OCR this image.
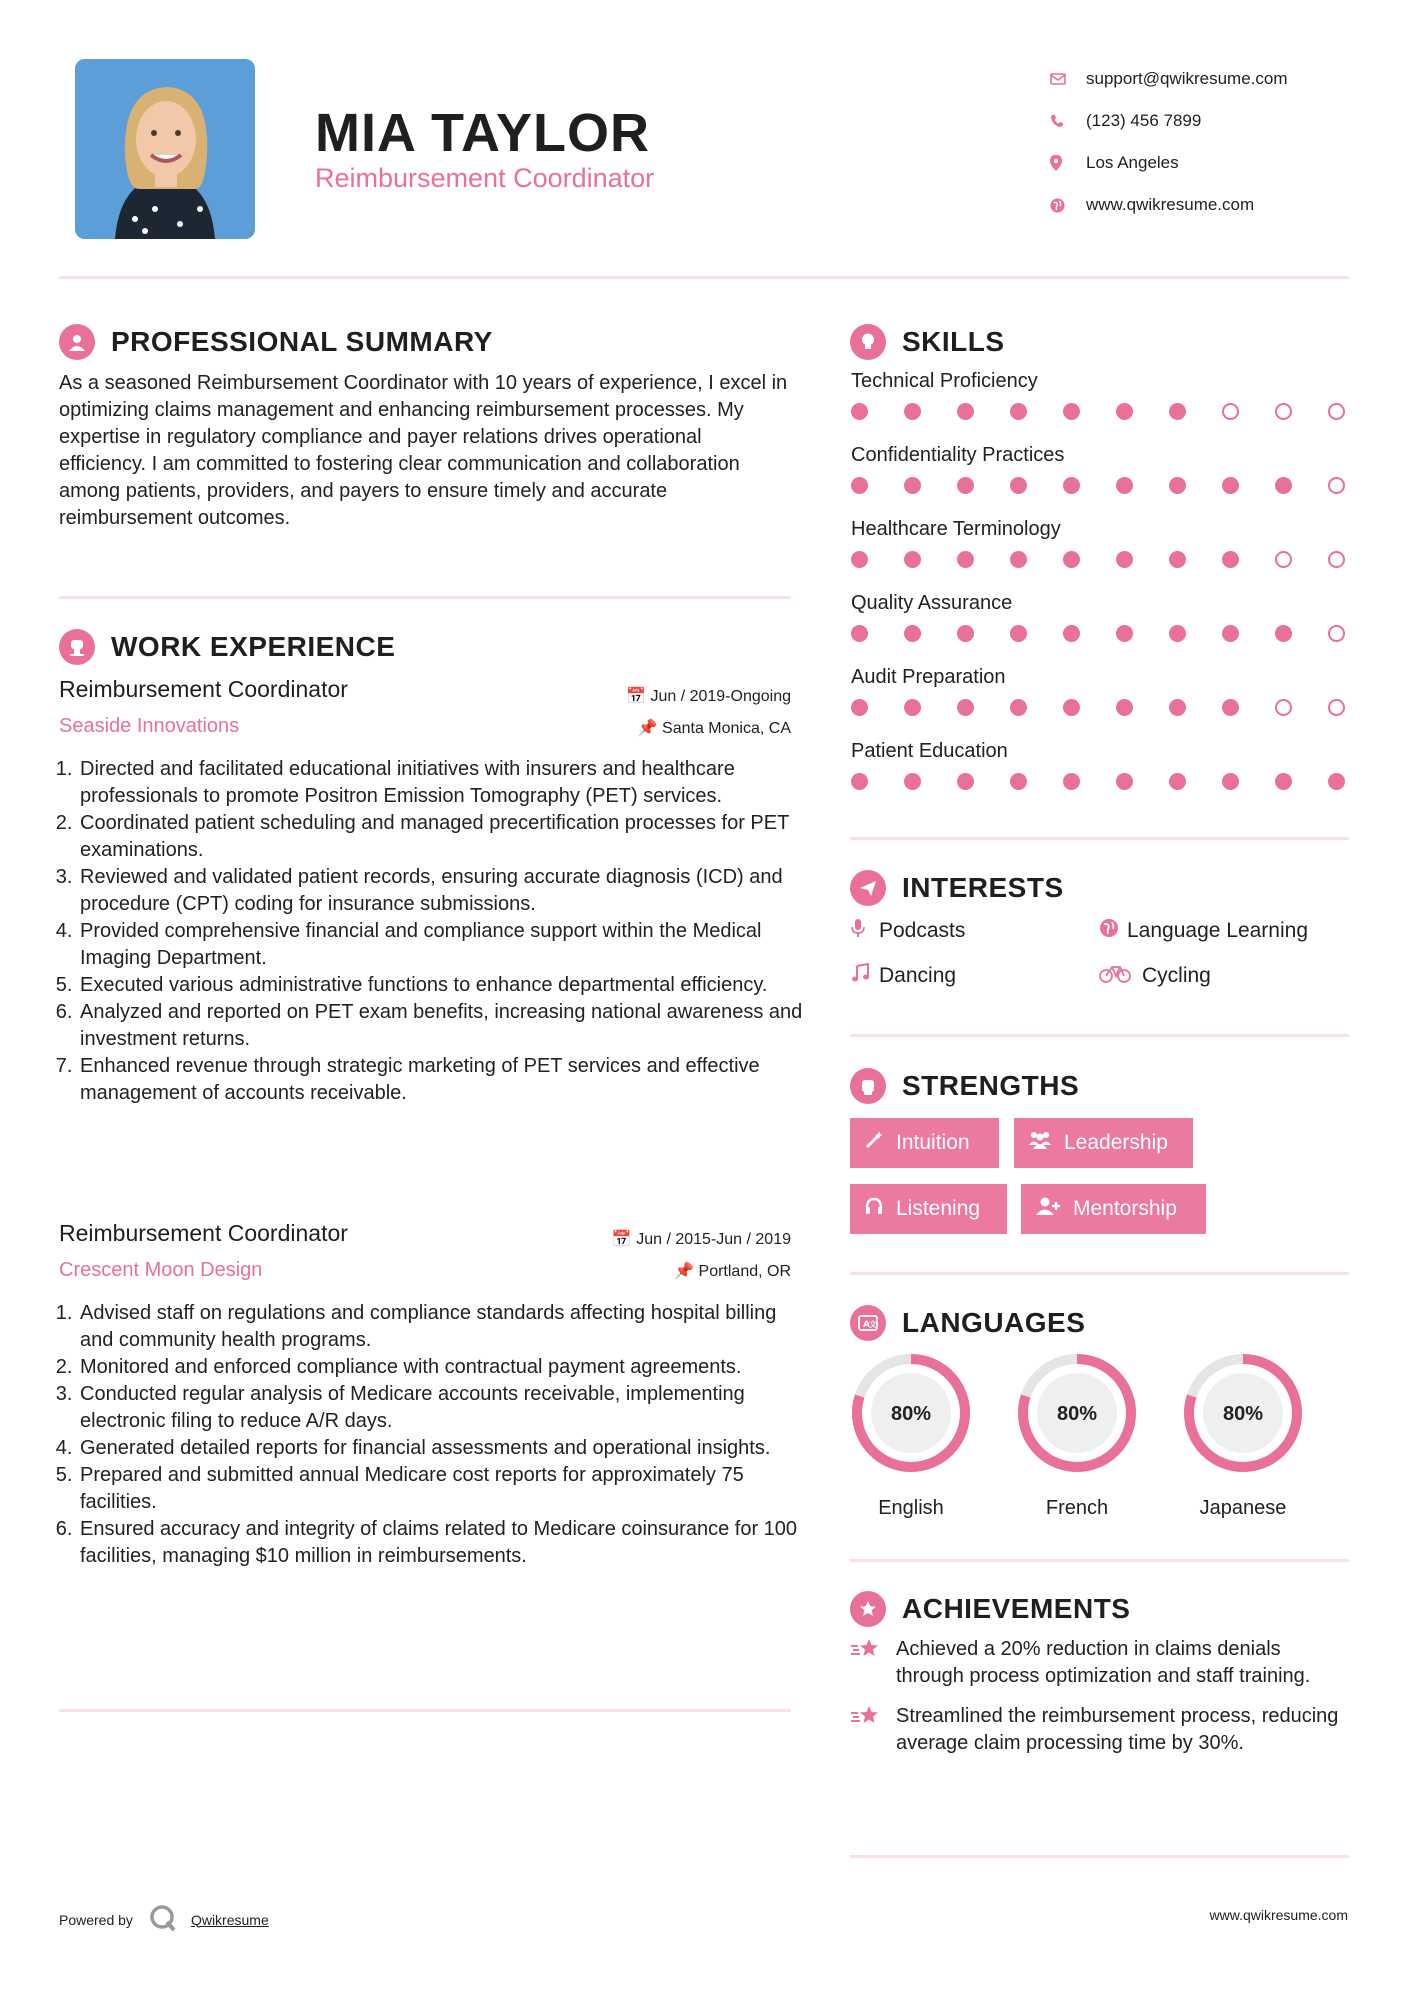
MIA TAYLOR
Reimbursement Coordinator
support@qwikresume.com
(123) 456 7899
Los Angeles
www.qwikresume.com
PROFESSIONAL SUMMARY
As a seasoned Reimbursement Coordinator with 10 years of experience, I excel in optimizing claims management and enhancing reimbursement processes. My expertise in regulatory compliance and payer relations drives operational efficiency. I am committed to fostering clear communication and collaboration among patients, providers, and payers to ensure timely and accurate reimbursement outcomes.
WORK EXPERIENCE
Reimbursement Coordinator	📅 Jun / 2019-Ongoing
Seaside Innovations	📌 Santa Monica, CA
1. Directed and facilitated educational initiatives with insurers and healthcare professionals to promote Positron Emission Tomography (PET) services.
2. Coordinated patient scheduling and managed precertification processes for PET examinations.
3. Reviewed and validated patient records, ensuring accurate diagnosis (ICD) and procedure (CPT) coding for insurance submissions.
4. Provided comprehensive financial and compliance support within the Medical Imaging Department.
5. Executed various administrative functions to enhance departmental efficiency.
6. Analyzed and reported on PET exam benefits, increasing national awareness and investment returns.
7. Enhanced revenue through strategic marketing of PET services and effective management of accounts receivable.
Reimbursement Coordinator	📅 Jun / 2015-Jun / 2019
Crescent Moon Design	📌 Portland, OR
1. Advised staff on regulations and compliance standards affecting hospital billing and community health programs.
2. Monitored and enforced compliance with contractual payment agreements.
3. Conducted regular analysis of Medicare accounts receivable, implementing electronic filing to reduce A/R days.
4. Generated detailed reports for financial assessments and operational insights.
5. Prepared and submitted annual Medicare cost reports for approximately 75 facilities.
6. Ensured accuracy and integrity of claims related to Medicare coinsurance for 100 facilities, managing $10 million in reimbursements.
SKILLS
Technical Proficiency
Confidentiality Practices
Healthcare Terminology
Quality Assurance
Audit Preparation
Patient Education
INTERESTS
Podcasts	Language Learning
Dancing	Cycling
STRENGTHS
Intuition	Leadership
Listening	Mentorship
A
文 LANGUAGES
80%
English
80%
French
80%
Japanese
ACHIEVEMENTS
Achieved a 20% reduction in claims denials through process optimization and staff training.
Streamlined the reimbursement process, reducing average claim processing time by 30%.
Powered by	Qwikresume	www.qwikresume.com
